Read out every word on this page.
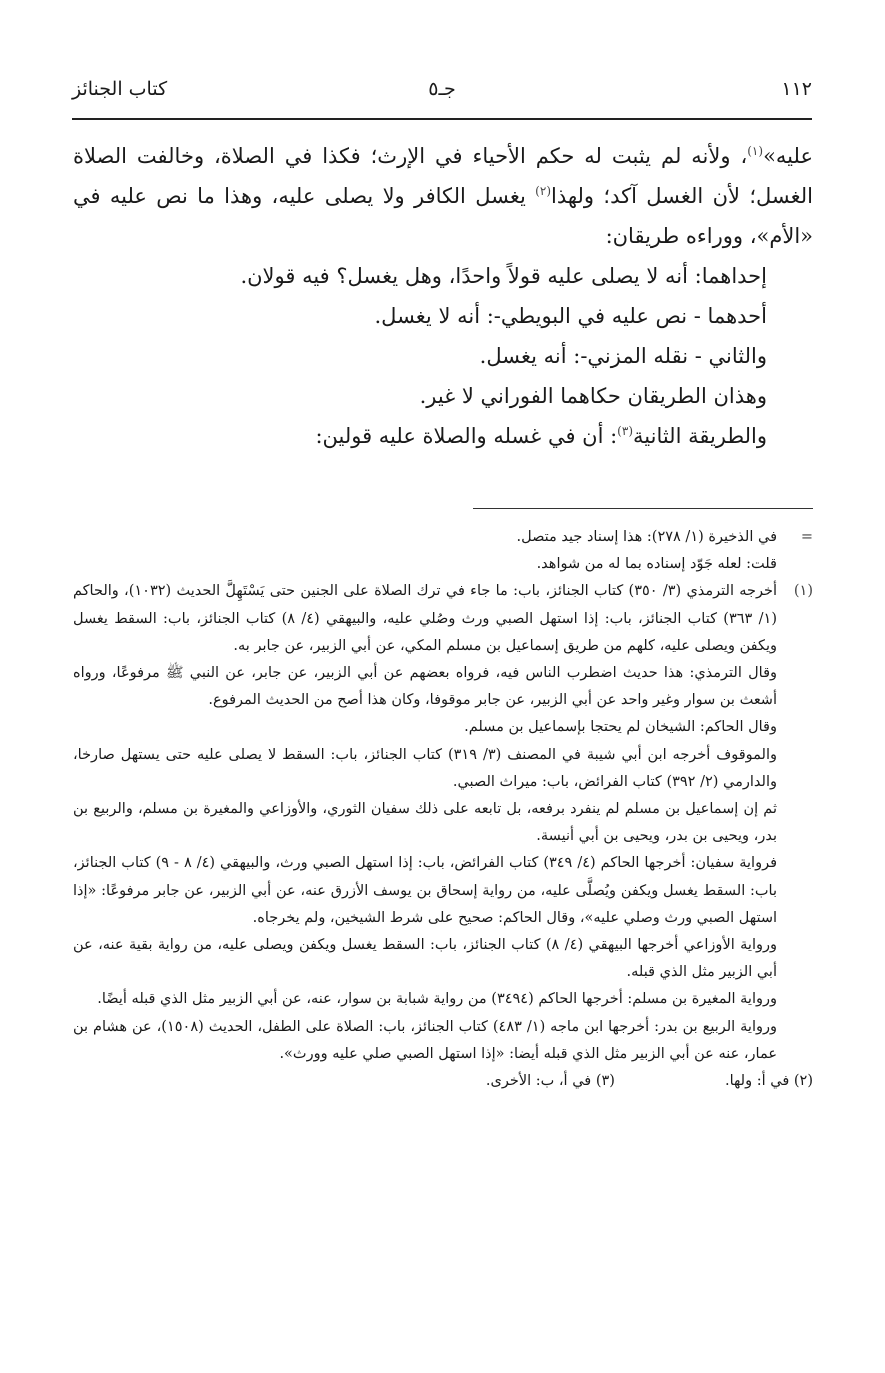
١١٢
جـ٥
كتاب الجنائز

عليه»$^{(١)}$، ولأنه لم يثبت له حكم الأحياء في الإرث؛ فكذا في الصلاة، وخالفت الصلاة الغسل؛ لأن الغسل آكد؛ ولهذا$^{(٢)}$ يغسل الكافر ولا يصلى عليه، وهذا ما نص عليه في «الأم»، ووراءه طريقان:

إحداهما: أنه لا يصلى عليه قولاً واحدًا، وهل يغسل؟ فيه قولان.

أحدهما - نص عليه في البويطي-: أنه لا يغسل.

والثاني - نقله المزني-: أنه يغسل.

وهذان الطريقان حكاهما الفوراني لا غير.

والطريقة الثانية$^{(٣)}$: أن في غسله والصلاة عليه قولين:

=في الذخيرة (١/ ٢٧٨): هذا إسناد جيد متصل.

قلت: لعله جَوّد إسناده بما له من شواهد.

(١)أخرجه الترمذي (٣/ ٣٥٠) كتاب الجنائز، باب: ما جاء في ترك الصلاة على الجنين حتى يَسْتَهِلَّ الحديث (١٠٣٢)، والحاكم (١/ ٣٦٣) كتاب الجنائز، باب: إذا استهل الصبي ورث وصُلي عليه، والبيهقي (٤/ ٨) كتاب الجنائز، باب: السقط يغسل ويكفن ويصلى عليه، كلهم من طريق إسماعيل بن مسلم المكي، عن أبي الزبير، عن جابر به.

وقال الترمذي: هذا حديث اضطرب الناس فيه، فرواه بعضهم عن أبي الزبير، عن جابر، عن النبي ﷺ مرفوعًا، ورواه أشعث بن سوار وغير واحد عن أبي الزبير، عن جابر موقوفا، وكان هذا أصح من الحديث المرفوع.

وقال الحاكم: الشيخان لم يحتجا بإسماعيل بن مسلم.

والموقوف أخرجه ابن أبي شيبة في المصنف (٣/ ٣١٩) كتاب الجنائز، باب: السقط لا يصلى عليه حتى يستهل صارخا، والدارمي (٢/ ٣٩٢) كتاب الفرائض، باب: ميراث الصبي.

ثم إن إسماعيل بن مسلم لم ينفرد برفعه، بل تابعه على ذلك سفيان الثوري، والأوزاعي والمغيرة بن مسلم، والربيع بن بدر، ويحيى بن بدر، ويحيى بن أبي أنيسة.

فرواية سفيان: أخرجها الحاكم (٤/ ٣٤٩) كتاب الفرائض، باب: إذا استهل الصبي ورث، والبيهقي (٤/ ٨ - ٩) كتاب الجنائز، باب: السقط يغسل ويكفن ويُصلَّى عليه، من رواية إسحاق بن يوسف الأزرق عنه، عن أبي الزبير، عن جابر مرفوعًا: «إذا استهل الصبي ورث وصلي عليه»، وقال الحاكم: صحيح على شرط الشيخين، ولم يخرجاه.

ورواية الأوزاعي أخرجها البيهقي (٤/ ٨) كتاب الجنائز، باب: السقط يغسل ويكفن ويصلى عليه، من رواية بقية عنه، عن أبي الزبير مثل الذي قبله.

ورواية المغيرة بن مسلم: أخرجها الحاكم (٣٤٩٤) من رواية شبابة بن سوار، عنه، عن أبي الزبير مثل الذي قبله أيضًا.

ورواية الربيع بن بدر: أخرجها ابن ماجه (١/ ٤٨٣) كتاب الجنائز، باب: الصلاة على الطفل، الحديث (١٥٠٨)، عن هشام بن عمار، عنه عن أبي الزبير مثل الذي قبله أيضا: «إذا استهل الصبي صلي عليه وورث».

(٢) في أ: ولها.
(٣) في أ، ب: الأخرى.
